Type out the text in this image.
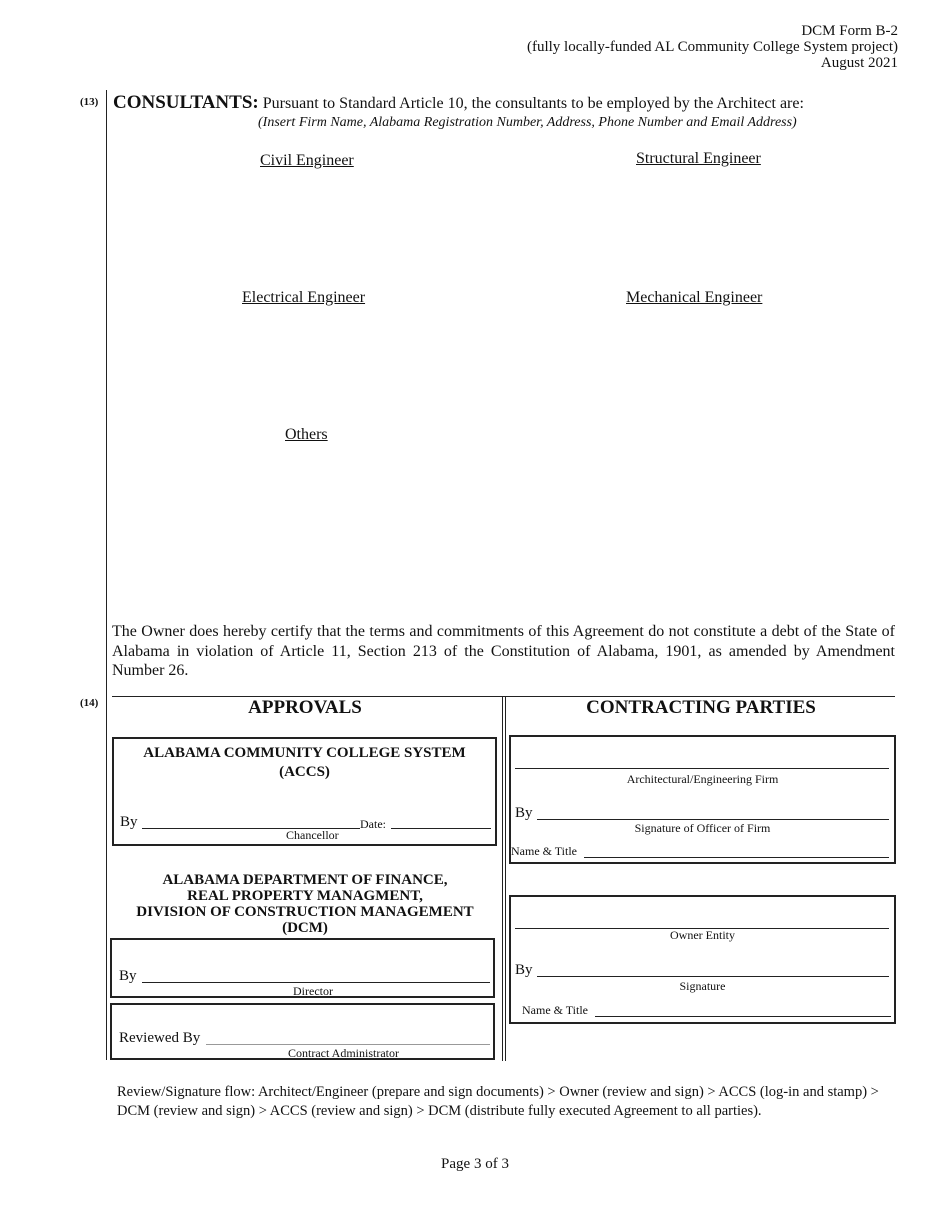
DCM Form B-2
(fully locally-funded AL Community College System project)
August 2021
(13) CONSULTANTS: Pursuant to Standard Article 10, the consultants to be employed by the Architect are:
(Insert Firm Name, Alabama Registration Number, Address, Phone Number and Email Address)
Civil Engineer	Structural Engineer
Electrical Engineer	Mechanical Engineer
Others
The Owner does hereby certify that the terms and commitments of this Agreement do not constitute a debt of the State of Alabama in violation of Article 11, Section 213 of the Constitution of Alabama, 1901, as amended by Amendment Number 26.
(14)	APPROVALS	CONTRACTING PARTIES
ALABAMA COMMUNITY COLLEGE SYSTEM
(ACCS)
By	Date:
Chancellor
ALABAMA DEPARTMENT OF FINANCE,
REAL PROPERTY MANAGMENT,
DIVISION OF CONSTRUCTION MANAGEMENT
(DCM)
By
Director
Reviewed By
Contract Administrator
Architectural/Engineering Firm
By
Signature of Officer of Firm
Name & Title
Owner Entity
By
Signature
Name & Title
Review/Signature flow: Architect/Engineer (prepare and sign documents) > Owner (review and sign) > ACCS (log-in and stamp) > DCM (review and sign) > ACCS (review and sign) > DCM (distribute fully executed Agreement to all parties).
Page 3 of 3
